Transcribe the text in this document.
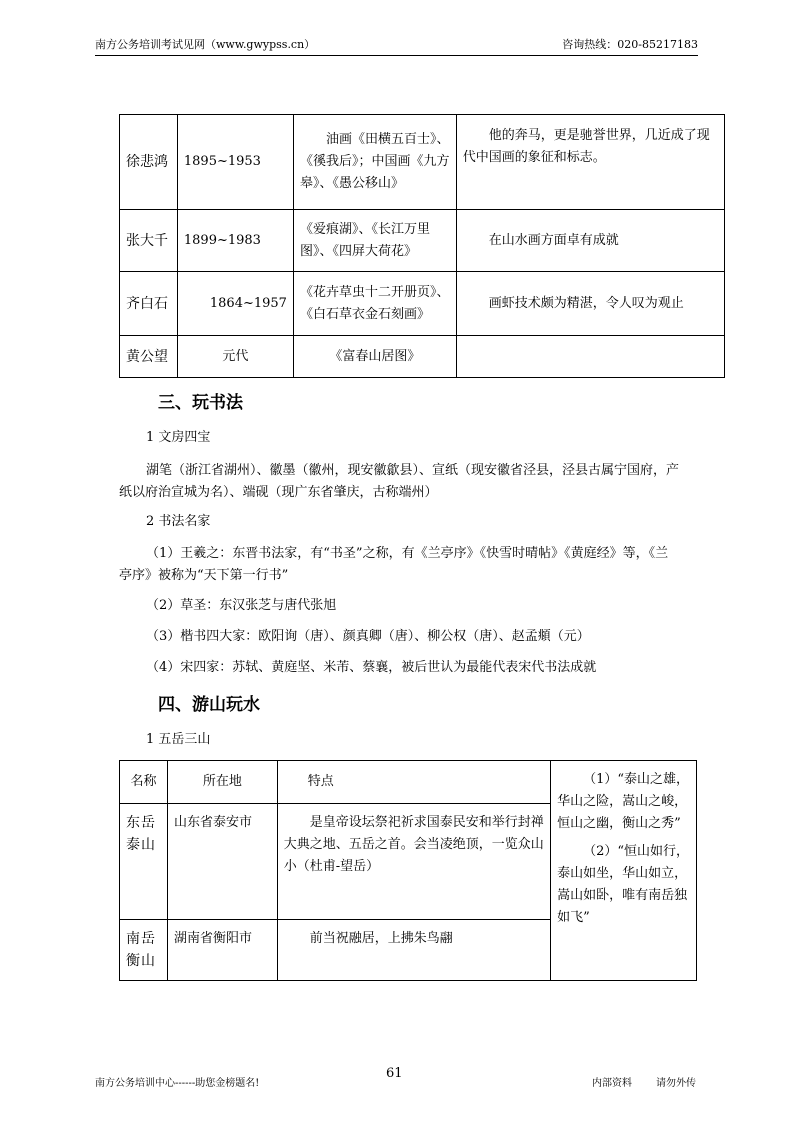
南方公务培训考试见网（www.gwypss.cn）	咨询热线：020-85217183
徐悲鸿	1895~1953	油画《田横五百士》、《徯我后》；中国画《九方皋》、《愚公移山》	他的奔马，更是驰誉世界，几近成了现代中国画的象征和标志。
张大千	1899~1983	《爱痕湖》、《长江万里图》、《四屏大荷花》	在山水画方面卓有成就
齐白石	1864~1957	《花卉草虫十二开册页》、《白石草衣金石刻画》	画虾技术颇为精湛，令人叹为观止
黄公望	元代	《富春山居图》	
三、玩书法
1 文房四宝
湖笔（浙江省湖州）、徽墨（徽州，现安徽歙县）、宣纸（现安徽省泾县，泾县古属宁国府，产纸以府治宣城为名）、端砚（现广东省肇庆，古称端州）
2 书法名家
（1）王羲之：东晋书法家，有“书圣”之称，有《兰亭序》《快雪时晴帖》《黄庭经》等，《兰亭序》被称为“天下第一行书”
（2）草圣：东汉张芝与唐代张旭
（3）楷书四大家：欧阳询（唐）、颜真卿（唐）、柳公权（唐）、赵孟頫（元）
（4）宋四家：苏轼、黄庭坚、米芾、蔡襄，被后世认为最能代表宋代书法成就
四、游山玩水
1 五岳三山
名称	所在地	特点	（1）“泰山之雄，华山之险，嵩山之峻，恒山之幽，衡山之秀”
（2）“恒山如行，泰山如坐，华山如立，嵩山如卧，唯有南岳独如飞”

东岳泰山	山东省泰安市	是皇帝设坛祭祀祈求国泰民安和举行封禅大典之地、五岳之首。会当凌绝顶，一览众山小（杜甫-望岳）	
南岳衡山	湖南省衡阳市	前当祝融居，上拂朱鸟翮	
南方公务培训中心------助您金榜题名!
61
内部资料 请勿外传
